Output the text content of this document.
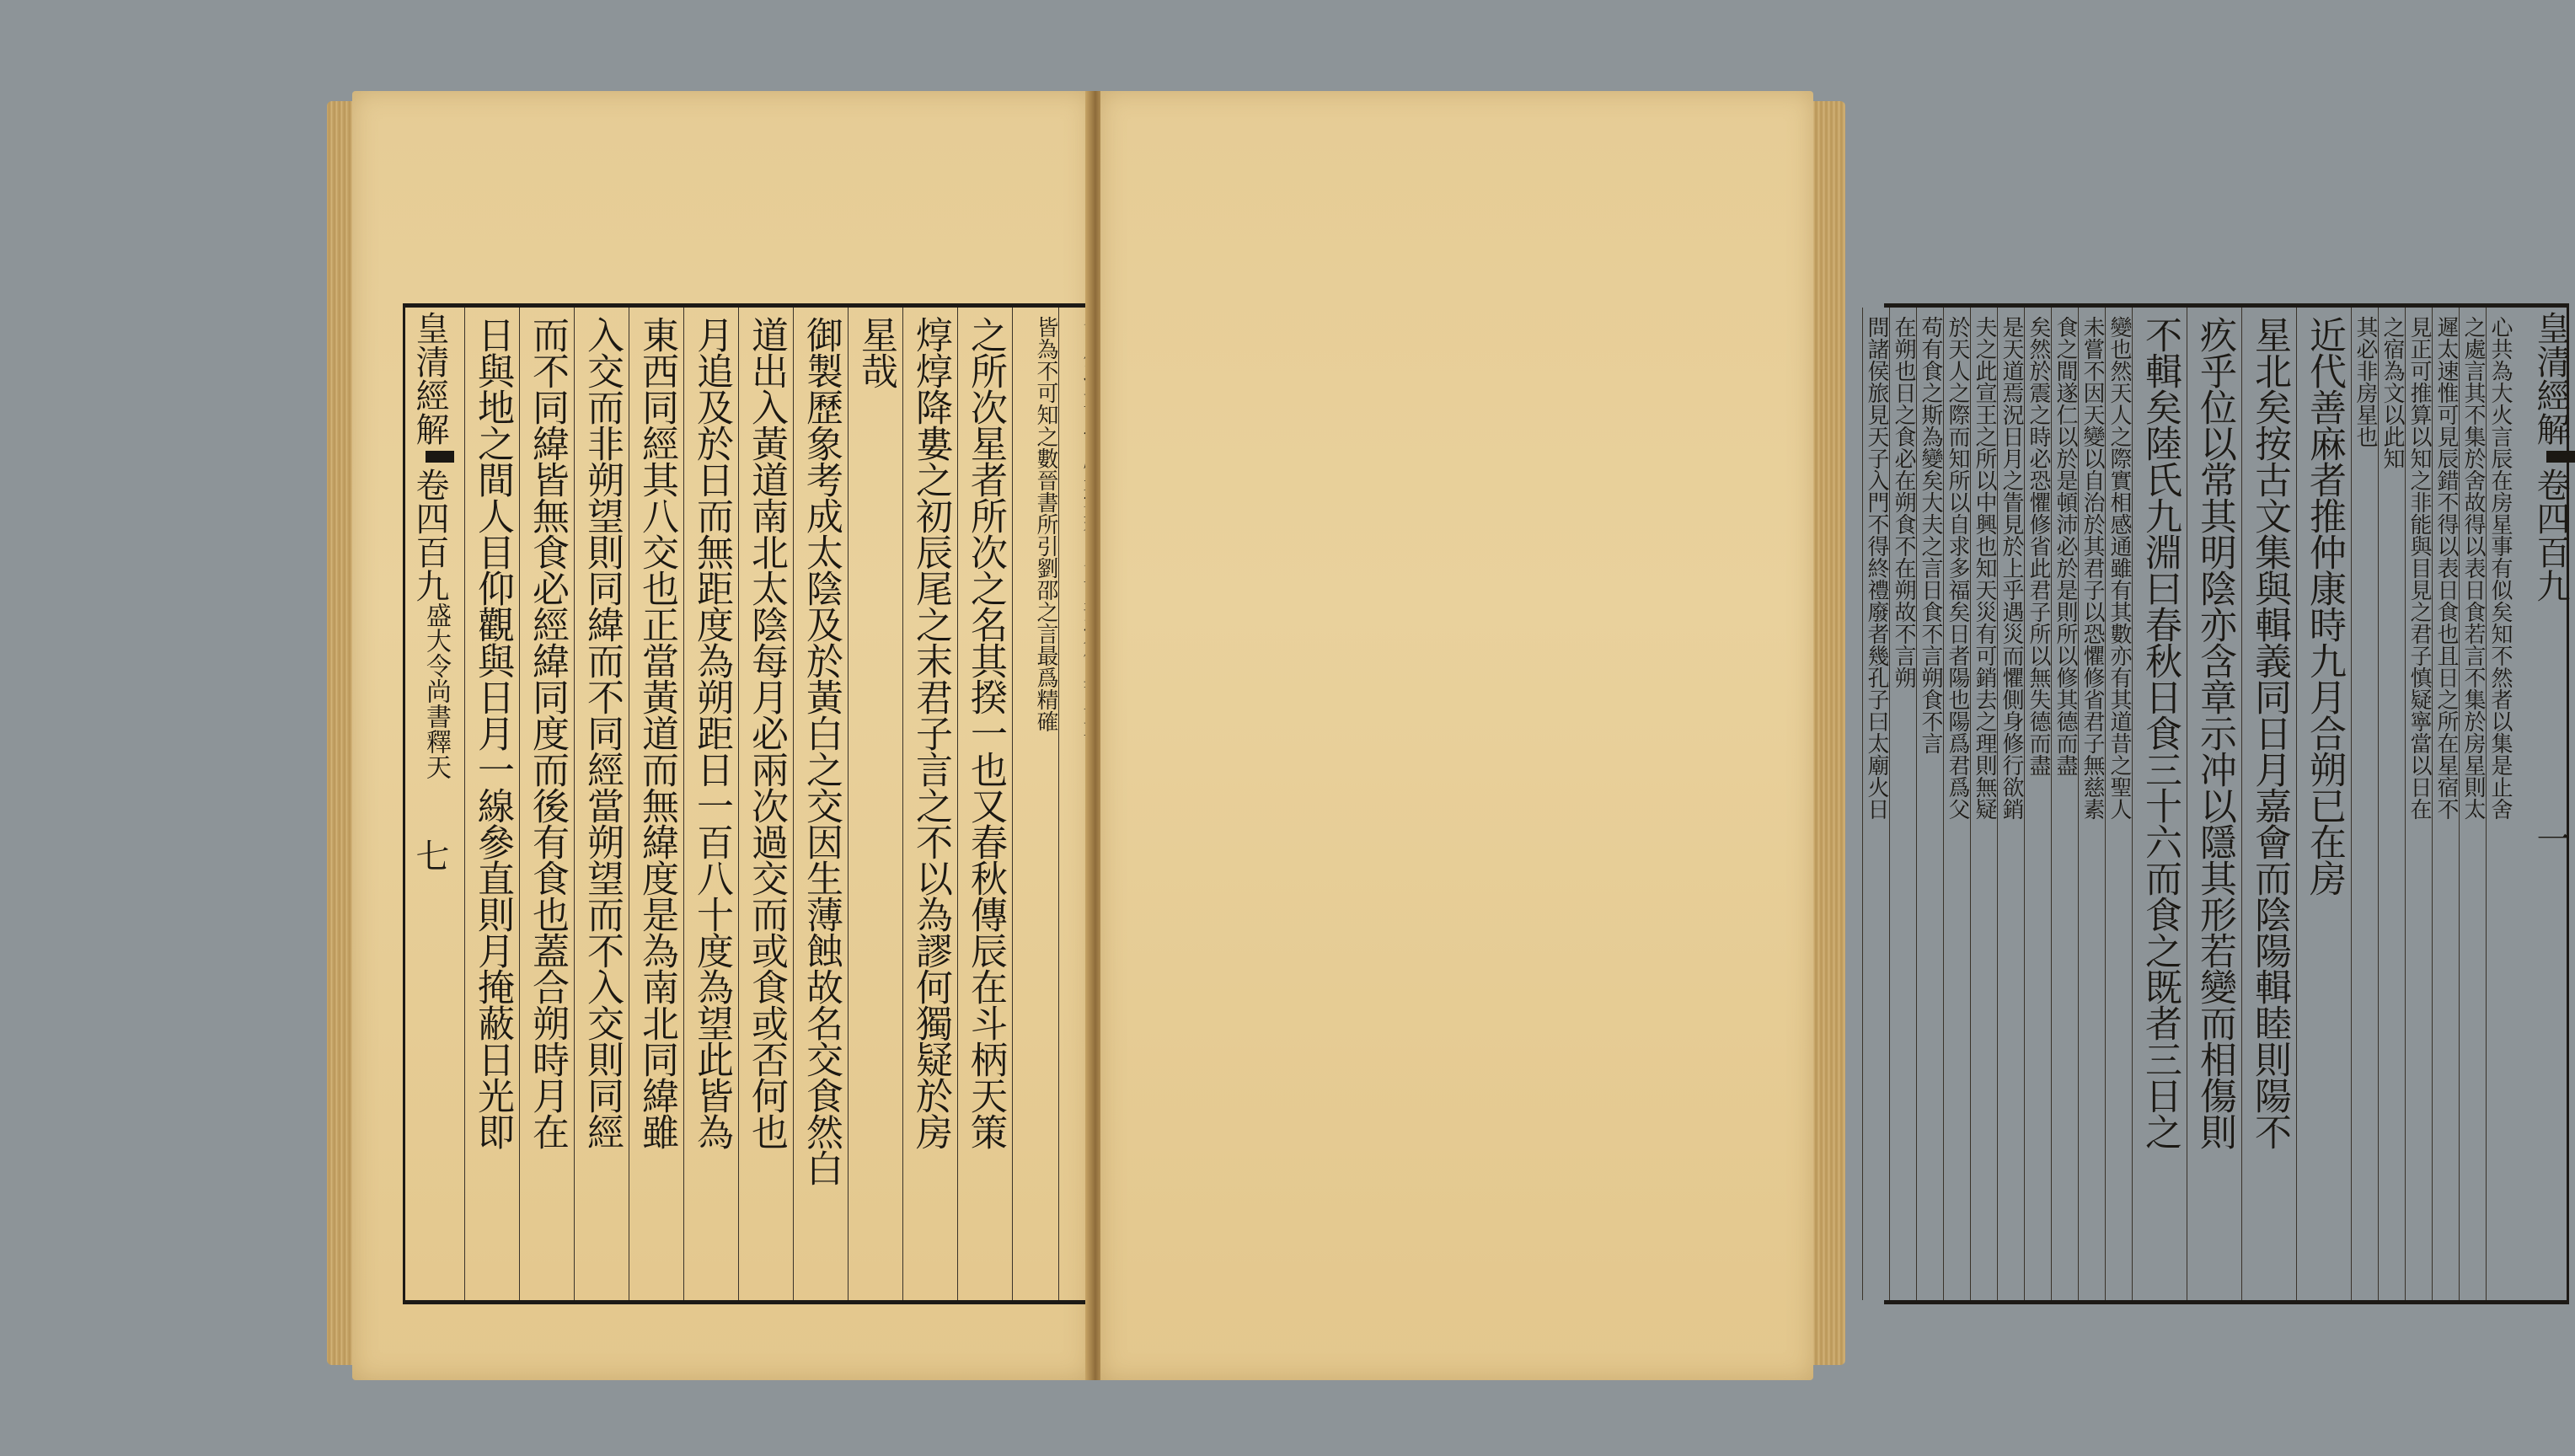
皇清經解
卷四百九
盛大令尚書釋天
七
皆為不可知之數晉書所引劉邵之言最爲精確
之所次星者所次之名其揆一也又春秋傳辰在斗柄天策
焞焞降婁之初辰尾之末君子言之不以為謬何獨疑於房
星哉
御製歷象考成太陰及於黃白之交因生薄蝕故名交食然白
道出入黃道南北太陰每月必兩次過交而或食或否何也
月追及於日而無距度為朔距日一百八十度為望此皆為
東西同經其八交也正當黃道而無緯度是為南北同緯雖
入交而非朔望則同緯而不同經當朔望而不入交則同經
而不同緯皆無食必經緯同度而後有食也蓋合朔時月在
日與地之間人目仰觀與日月一線參直則月掩蔽日光即	皇清經解
卷四百九
一
心共為大火言辰在房星事有似矣知不然者以集是止舍
之處言其不集於舍故得以表日食若言不集於房星則太
遲太速惟可見辰錯不得以表日食也且日之所在星宿不
見正可推算以知之非能與目見之君子慎疑寧當以日在
之宿為文以此知
其必非房星也
近代善麻者推仲康時九月合朔已在房
星北矣按古文集與輯義同日月嘉會而陰陽輯睦則陽不
疚乎位以常其明陰亦含章示冲以隱其形若變而相傷則
不輯矣陸氏九淵曰春秋日食三十六而食之既者三日之
變也然天人之際實相感通雖有其數亦有其道昔之聖人
未嘗不因天變以自治於其君子以恐懼修省君子無慈素
食之間遂仁以於是頓沛必於是則所以修其德而盡
矣然於震之時必恐懼修省此君子所以無失德而盡
是天道焉況日月之眚見於上乎遇災而懼側身修行欲銷
夫之此宣王之所以中興也知天災有可銷去之理則無疑
於天人之際而知所以自求多福矣日者陽也陽爲君爲父
苟有食之斯為變矣大夫之言日食不言朔食不言
在朔也日之食必在朔食不在朔故不言朔
問諸侯旅見天子入門不得終禮廢者幾孔子曰太廟火日
